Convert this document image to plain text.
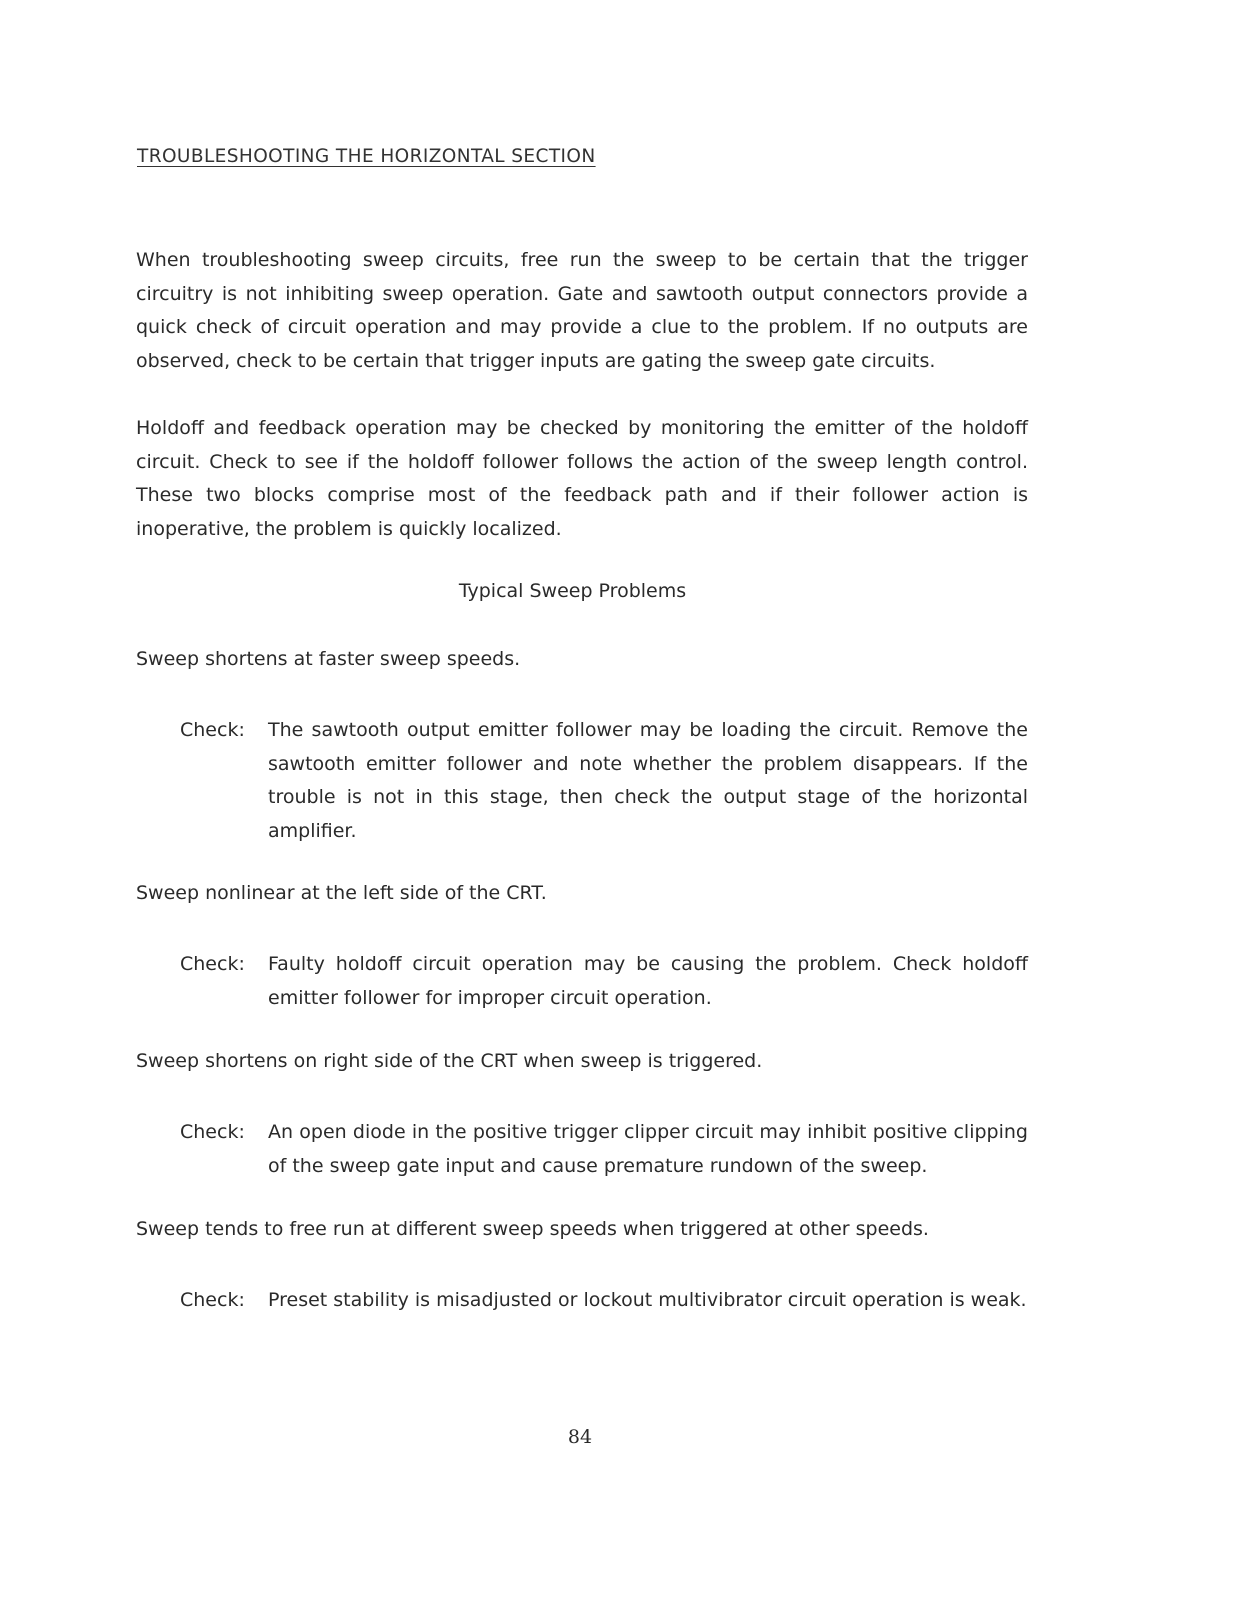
TROUBLESHOOTING THE HORIZONTAL SECTION
When troubleshooting sweep circuits, free run the sweep to be certain that the trigger circuitry is not inhibiting sweep operation. Gate and sawtooth output connectors provide a quick check of circuit operation and may provide a clue to the problem. If no outputs are observed, check to be certain that trigger inputs are gating the sweep gate circuits.
Holdoff and feedback operation may be checked by monitoring the emitter of the holdoff circuit. Check to see if the holdoff follower follows the action of the sweep length control. These two blocks comprise most of the feedback path and if their follower action is inoperative, the problem is quickly localized.
Typical Sweep Problems
Sweep shortens at faster sweep speeds.
Check:	The sawtooth output emitter follower may be loading the circuit. Remove the sawtooth emitter follower and note whether the problem disappears. If the trouble is not in this stage, then check the output stage of the horizontal amplifier.
Sweep nonlinear at the left side of the CRT.
Check:	Faulty holdoff circuit operation may be causing the problem. Check holdoff emitter follower for improper circuit operation.
Sweep shortens on right side of the CRT when sweep is triggered.
Check:	An open diode in the positive trigger clipper circuit may inhibit positive clipping of the sweep gate input and cause premature rundown of the sweep.
Sweep tends to free run at different sweep speeds when triggered at other speeds.
Check:	Preset stability is misadjusted or lockout multivibrator circuit operation is weak.
84
